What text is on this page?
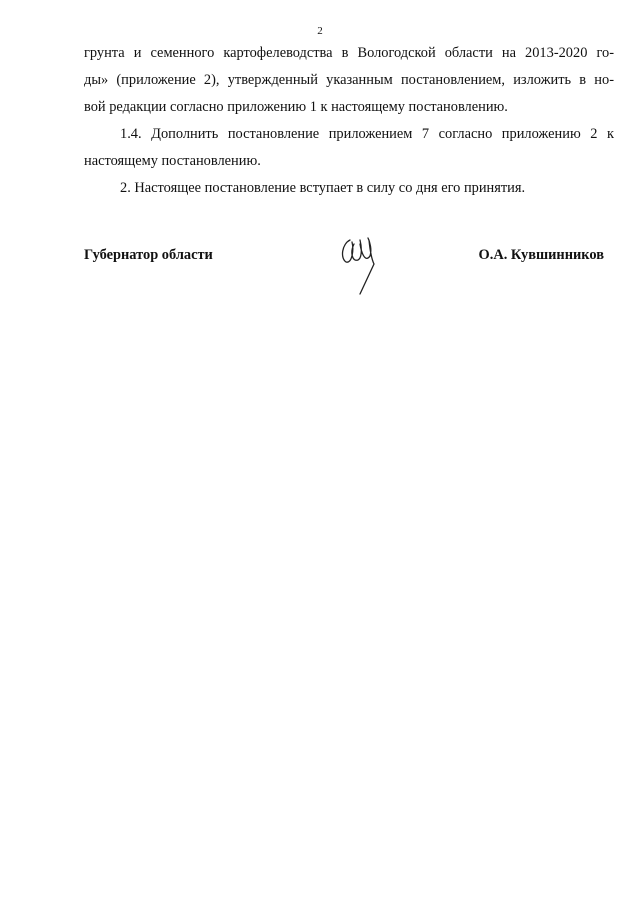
2

грунта и семенного картофелеводства в Вологодской области на 2013-2020 го-

ды» (приложение 2), утвержденный указанным постановлением, изложить в но-

вой редакции согласно приложению 1 к настоящему постановлению.

1.4. Дополнить постановление приложением 7 согласно приложению 2 к

настоящему постановлению.

2. Настоящее постановление вступает в силу со дня его принятия.

Губернатор области	О.А. Кувшинников
